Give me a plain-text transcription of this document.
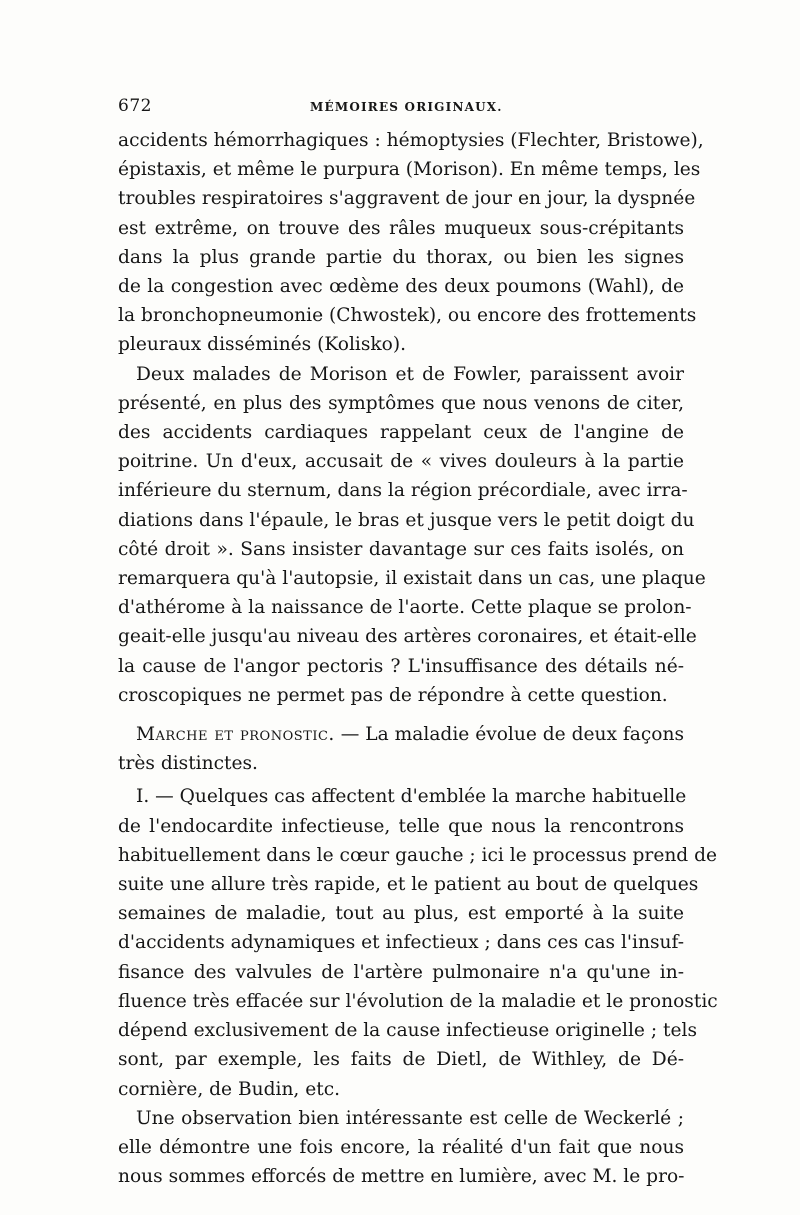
672	MÉMOIRES ORIGINAUX.
accidents hémorrhagiques : hémoptysies (Flechter, Bristowe),
épistaxis, et même le purpura (Morison). En même temps, les
troubles respiratoires s'aggravent de jour en jour, la dyspnée
est extrême, on trouve des râles muqueux sous-crépitants
dans la plus grande partie du thorax, ou bien les signes
de la congestion avec œdème des deux poumons (Wahl), de
la bronchopneumonie (Chwostek), ou encore des frottements
pleuraux disséminés (Kolisko).
Deux malades de Morison et de Fowler, paraissent avoir
présenté, en plus des symptômes que nous venons de citer,
des accidents cardiaques rappelant ceux de l'angine de
poitrine. Un d'eux, accusait de « vives douleurs à la partie
inférieure du sternum, dans la région précordiale, avec irra-
diations dans l'épaule, le bras et jusque vers le petit doigt du
côté droit ». Sans insister davantage sur ces faits isolés, on
remarquera qu'à l'autopsie, il existait dans un cas, une plaque
d'athérome à la naissance de l'aorte. Cette plaque se prolon-
geait-elle jusqu'au niveau des artères coronaires, et était-elle
la cause de l'angor pectoris ? L'insuffisance des détails né-
croscopiques ne permet pas de répondre à cette question.
Marche et pronostic. — La maladie évolue de deux façons
très distinctes.
I. — Quelques cas affectent d'emblée la marche habituelle
de l'endocardite infectieuse, telle que nous la rencontrons
habituellement dans le cœur gauche ; ici le processus prend de
suite une allure très rapide, et le patient au bout de quelques
semaines de maladie, tout au plus, est emporté à la suite
d'accidents adynamiques et infectieux ; dans ces cas l'insuf-
fisance des valvules de l'artère pulmonaire n'a qu'une in-
fluence très effacée sur l'évolution de la maladie et le pronostic
dépend exclusivement de la cause infectieuse originelle ; tels
sont, par exemple, les faits de Dietl, de Withley, de Dé-
cornière, de Budin, etc.
Une observation bien intéressante est celle de Weckerlé ;
elle démontre une fois encore, la réalité d'un fait que nous
nous sommes efforcés de mettre en lumière, avec M. le pro-
